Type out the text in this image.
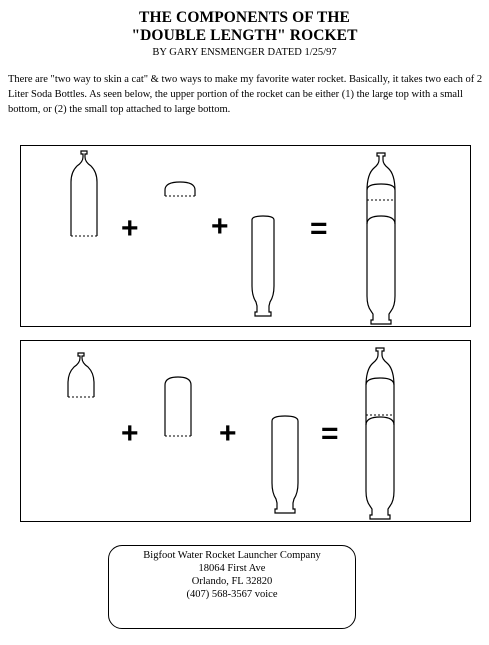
THE COMPONENTS OF THE
"DOUBLE LENGTH" ROCKET
BY GARY ENSMENGER DATED 1/25/97
There are "two way to skin a cat" & two ways to make my favorite water rocket. Basically, it takes two each of 2 Liter Soda Bottles. As seen below, the upper portion of the rocket can be either (1) the large top with a small bottom, or (2) the small top attached to large bottom.
+ +	=
+	+	=
Bigfoot Water Rocket Launcher Company
18064 First Ave
Orlando, FL 32820
(407) 568-3567 voice
